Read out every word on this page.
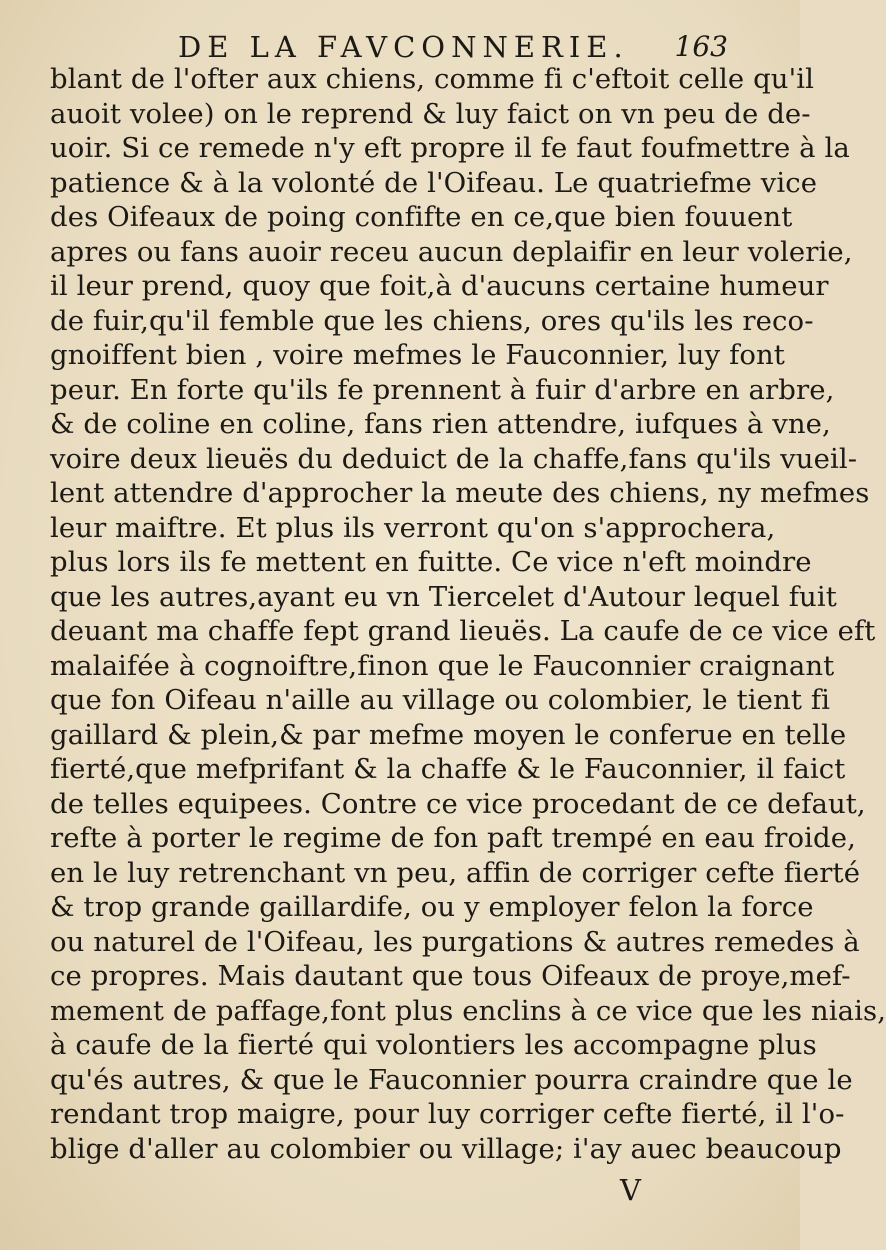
DE LA FAVCONNERIE. 163
blant de l'ofter aux chiens, comme fi c'eftoit celle qu'il
auoit volee) on le reprend & luy faict on vn peu de de-
uoir. Si ce remede n'y eft propre il fe faut foufmettre à la
patience & à la volonté de l'Oifeau. Le quatriefme vice
des Oifeaux de poing confifte en ce,que bien fouuent
apres ou fans auoir receu aucun deplaifir en leur volerie,
il leur prend, quoy que foit,à d'aucuns certaine humeur
de fuir,qu'il femble que les chiens, ores qu'ils les reco-
gnoiffent bien , voire mefmes le Fauconnier, luy font
peur. En forte qu'ils fe prennent à fuir d'arbre en arbre,
& de coline en coline, fans rien attendre, iufques à vne,
voire deux lieuës du deduict de la chaffe,fans qu'ils vueil-
lent attendre d'approcher la meute des chiens, ny mefmes
leur maiftre. Et plus ils verront qu'on s'approchera,
plus lors ils fe mettent en fuitte. Ce vice n'eft moindre
que les autres,ayant eu vn Tiercelet d'Autour lequel fuit
deuant ma chaffe fept grand lieuës. La caufe de ce vice eft
malaifée à cognoiftre,finon que le Fauconnier craignant
que fon Oifeau n'aille au village ou colombier, le tient fi
gaillard & plein,& par mefme moyen le conferue en telle
fierté,que mefprifant & la chaffe & le Fauconnier, il faict
de telles equipees. Contre ce vice procedant de ce defaut,
refte à porter le regime de fon paft trempé en eau froide,
en le luy retrenchant vn peu, affin de corriger cefte fierté
& trop grande gaillardife, ou y employer felon la force
ou naturel de l'Oifeau, les purgations & autres remedes à
ce propres. Mais dautant que tous Oifeaux de proye,mef-
mement de paffage,font plus enclins à ce vice que les niais,
à caufe de la fierté qui volontiers les accompagne plus
qu'és autres, & que le Fauconnier pourra craindre que le
rendant trop maigre, pour luy corriger cefte fierté, il l'o-
blige d'aller au colombier ou village; i'ay auec beaucoup
V
